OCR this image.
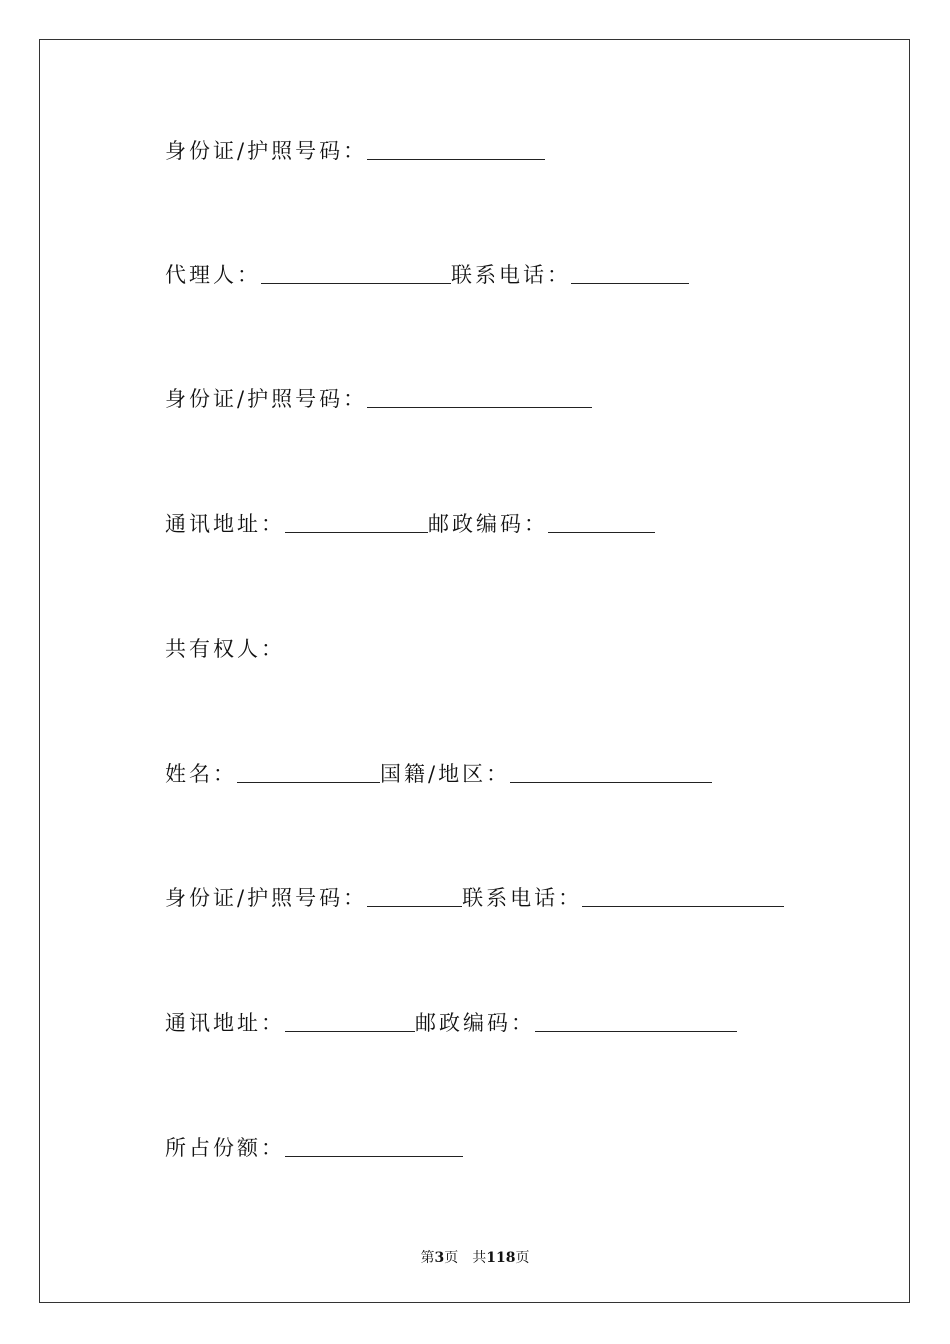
身份证/护照号码：
代理人：	联系电话：
身份证/护照号码：
通讯地址：	邮政编码：
共有权人：
姓名：	国籍/地区：
身份证/护照号码：	联系电话：
通讯地址：	邮政编码：
所占份额：
第3页 共118页
